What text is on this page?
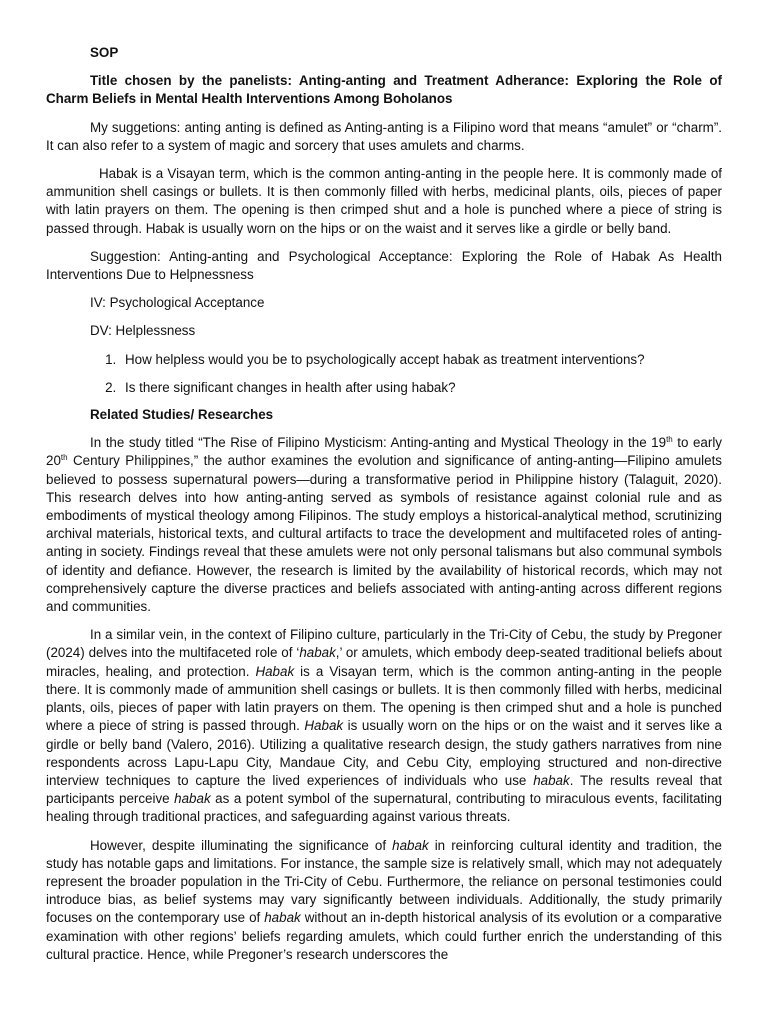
SOP

Title chosen by the panelists: Anting-anting and Treatment Adherance: Exploring the Role of Charm Beliefs in Mental Health Interventions Among Boholanos

My suggetions: anting anting is defined as Anting-anting is a Filipino word that means “amulet” or “charm”. It can also refer to a system of magic and sorcery that uses amulets and charms.

Habak is a Visayan term, which is the common anting-anting in the people here. It is commonly made of ammunition shell casings or bullets. It is then commonly filled with herbs, medicinal plants, oils, pieces of paper with latin prayers on them. The opening is then crimped shut and a hole is punched where a piece of string is passed through. Habak is usually worn on the hips or on the waist and it serves like a girdle or belly band.

Suggestion: Anting-anting and Psychological Acceptance: Exploring the Role of Habak As Health Interventions Due to Helpnessness

IV: Psychological Acceptance

DV: Helplessness

1. How helpless would you be to psychologically accept habak as treatment interventions?
2. Is there significant changes in health after using habak?

Related Studies/ Researches

In the study titled “The Rise of Filipino Mysticism: Anting-anting and Mystical Theology in the 19th to early 20th Century Philippines,” the author examines the evolution and significance of anting-anting—Filipino amulets believed to possess supernatural powers—during a transformative period in Philippine history (Talaguit, 2020). This research delves into how anting-anting served as symbols of resistance against colonial rule and as embodiments of mystical theology among Filipinos. The study employs a historical-analytical method, scrutinizing archival materials, historical texts, and cultural artifacts to trace the development and multifaceted roles of anting-anting in society. Findings reveal that these amulets were not only personal talismans but also communal symbols of identity and defiance. However, the research is limited by the availability of historical records, which may not comprehensively capture the diverse practices and beliefs associated with anting-anting across different regions and communities.

In a similar vein, in the context of Filipino culture, particularly in the Tri-City of Cebu, the study by Pregoner (2024) delves into the multifaceted role of ‘habak,’ or amulets, which embody deep-seated traditional beliefs about miracles, healing, and protection. Habak is a Visayan term, which is the common anting-anting in the people there. It is commonly made of ammunition shell casings or bullets. It is then commonly filled with herbs, medicinal plants, oils, pieces of paper with latin prayers on them. The opening is then crimped shut and a hole is punched where a piece of string is passed through. Habak is usually worn on the hips or on the waist and it serves like a girdle or belly band (Valero, 2016). Utilizing a qualitative research design, the study gathers narratives from nine respondents across Lapu-Lapu City, Mandaue City, and Cebu City, employing structured and non-directive interview techniques to capture the lived experiences of individuals who use habak. The results reveal that participants perceive habak as a potent symbol of the supernatural, contributing to miraculous events, facilitating healing through traditional practices, and safeguarding against various threats.

However, despite illuminating the significance of habak in reinforcing cultural identity and tradition, the study has notable gaps and limitations. For instance, the sample size is relatively small, which may not adequately represent the broader population in the Tri-City of Cebu. Furthermore, the reliance on personal testimonies could introduce bias, as belief systems may vary significantly between individuals. Additionally, the study primarily focuses on the contemporary use of habak without an in-depth historical analysis of its evolution or a comparative examination with other regions’ beliefs regarding amulets, which could further enrich the understanding of this cultural practice. Hence, while Pregoner’s research underscores the
